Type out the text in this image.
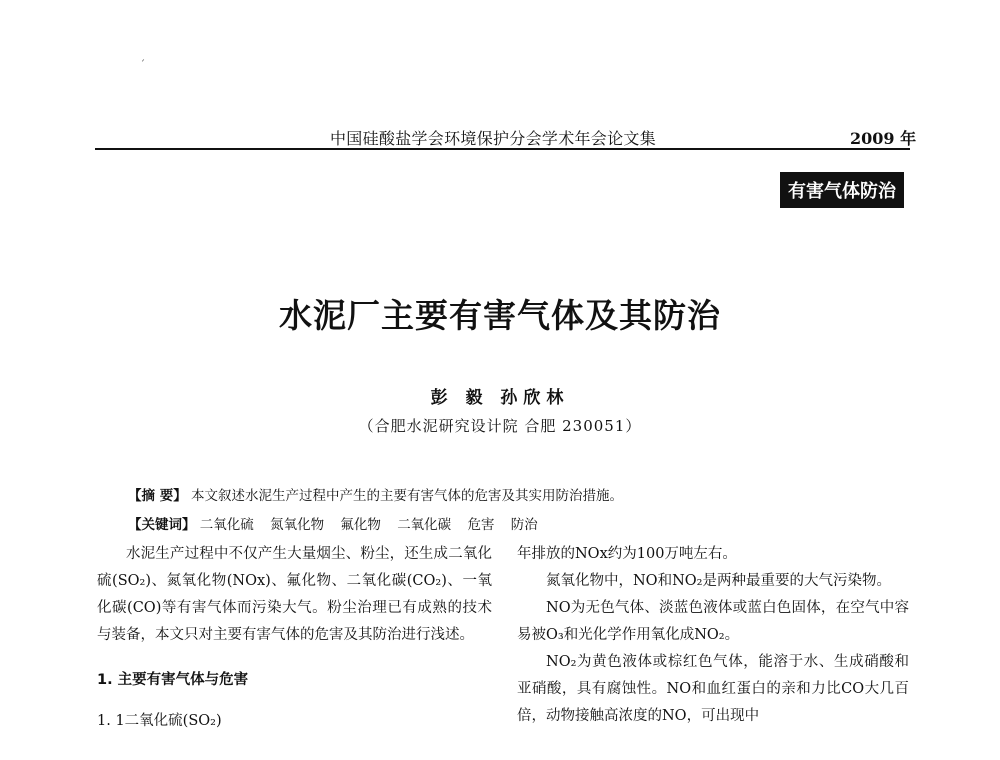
ˊ
中国硅酸盐学会环境保护分会学术年会论文集	2009 年
有害气体防治
水泥厂主要有害气体及其防治
彭 毅 孙欣林
（合肥水泥研究设计院 合肥 230051）
【摘 要】 本文叙述水泥生产过程中产生的主要有害气体的危害及其实用防治措施。
【关键词】 二氧化硫 氮氧化物 氟化物 二氧化碳 危害 防治

水泥生产过程中不仅产生大量烟尘、粉尘，还生成二氧化硫(SO₂)、氮氧化物(NOx)、氟化物、二氧化碳(CO₂)、一氧化碳(CO)等有害气体而污染大气。粉尘治理已有成熟的技术与装备，本文只对主要有害气体的危害及其防治进行浅述。

1. 主要有害气体与危害

1. 1二氧化硫(SO₂)

年排放的NOx约为100万吨左右。

氮氧化物中，NO和NO₂是两种最重要的大气污染物。

NO为无色气体、淡蓝色液体或蓝白色固体，在空气中容易被O₃和光化学作用氧化成NO₂。

NO₂为黄色液体或棕红色气体，能溶于水、生成硝酸和亚硝酸，具有腐蚀性。NO和血红蛋白的亲和力比CO大几百倍，动物接触高浓度的NO，可出现中
